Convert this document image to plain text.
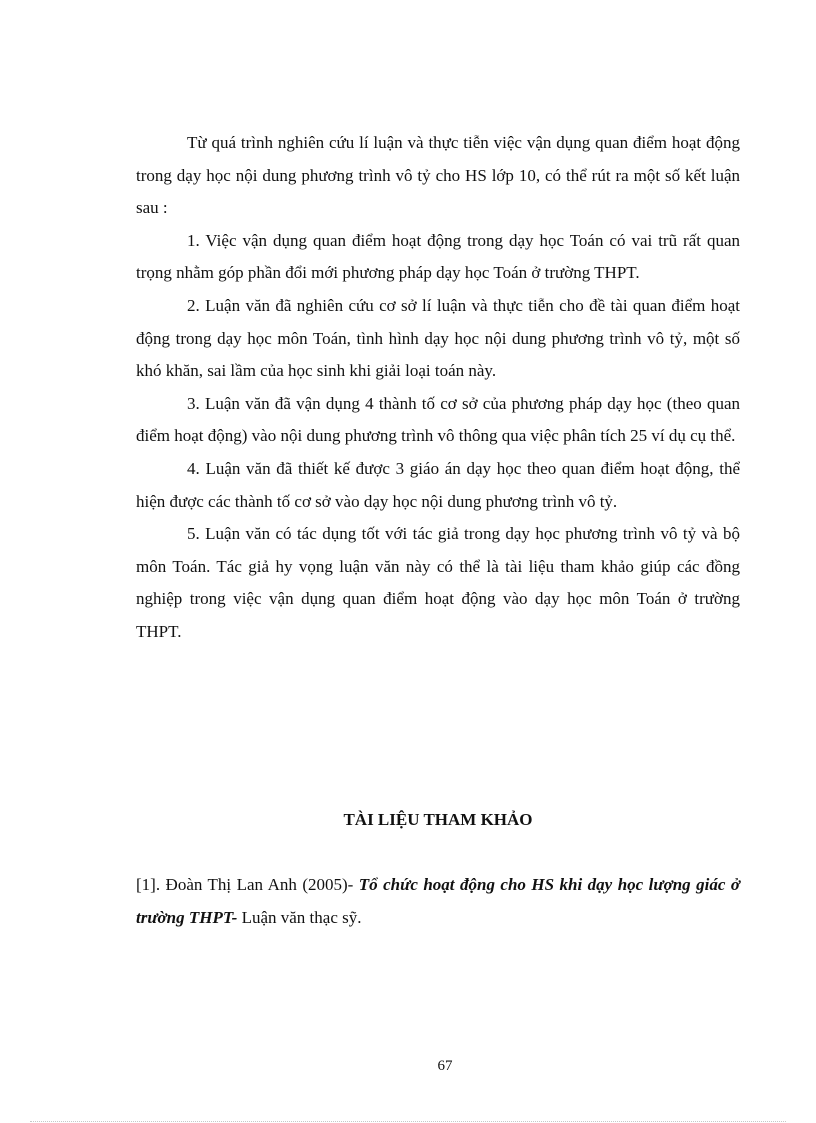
Từ quá trình nghiên cứu lí luận và thực tiễn việc vận dụng quan điểm hoạt động trong dạy học nội dung phương trình vô tỷ cho HS lớp 10, có thể rút ra một số kết luận sau :

1. Việc vận dụng quan điểm hoạt động trong dạy học Toán có vai trũ rất quan trọng nhằm góp phần đổi mới phương pháp dạy học Toán ở trường THPT.

2. Luận văn đã nghiên cứu cơ sở lí luận và thực tiễn cho đề tài quan điểm hoạt động trong dạy học môn Toán, tình hình dạy học nội dung phương trình vô tỷ, một số khó khăn, sai lầm của học sinh khi giải loại toán này.

3. Luận văn đã vận dụng 4 thành tố cơ sở của phương pháp dạy học (theo quan điểm hoạt động) vào nội dung phương trình vô thông qua việc phân tích 25 ví dụ cụ thể.

4. Luận văn đã thiết kế được 3 giáo án dạy học theo quan điểm hoạt động, thể hiện được các thành tố cơ sở vào dạy học nội dung phương trình vô tỷ.

5. Luận văn có tác dụng tốt với tác giả trong dạy học phương trình vô tỷ và bộ môn Toán. Tác giả hy vọng luận văn này có thể là tài liệu tham khảo giúp các đồng nghiệp trong việc vận dụng quan điểm hoạt động vào dạy học môn Toán ở trường THPT.

TÀI LIỆU THAM KHẢO

[1]. Đoàn Thị Lan Anh (2005)- Tổ chức hoạt động cho HS khi dạy học lượng giác ở trường THPT- Luận văn thạc sỹ.

67
